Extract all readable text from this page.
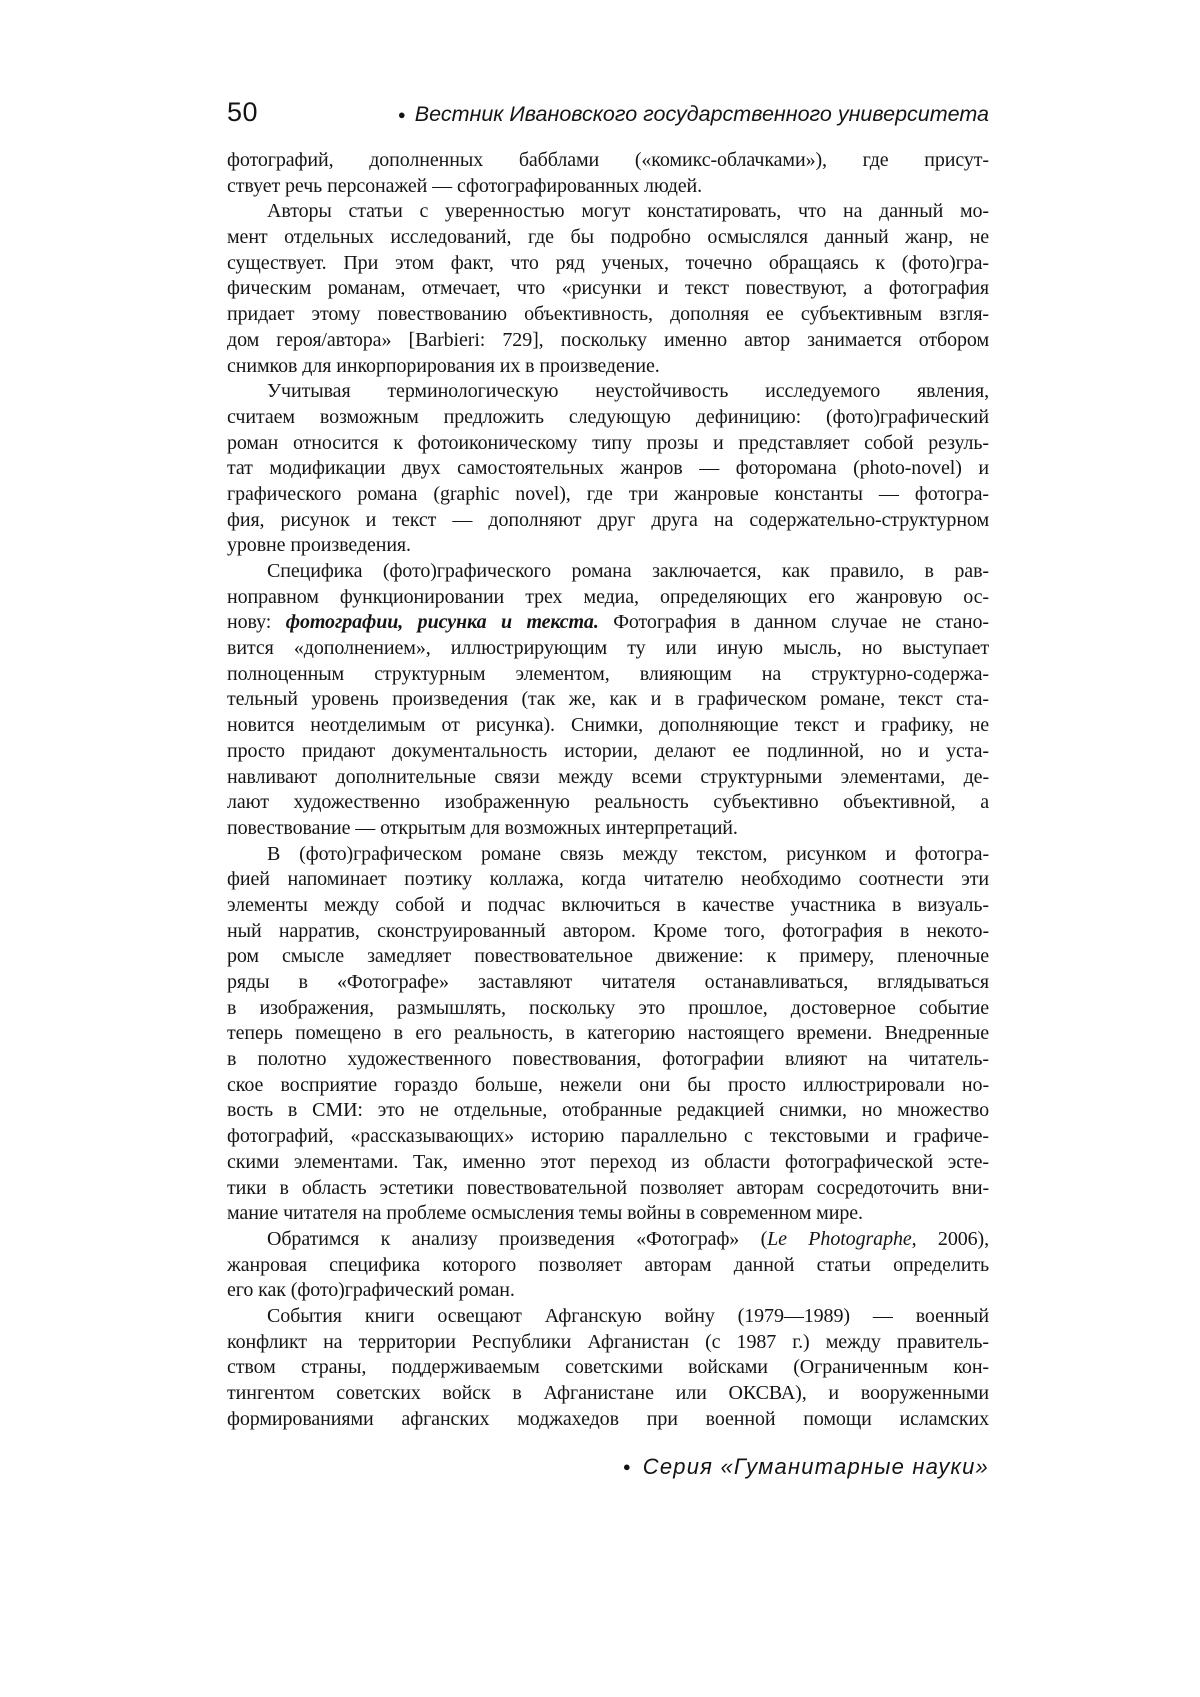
50	● Вестник Ивановского государственного университета
фотографий, дополненных бабблами («комикс-облачками»), где присут-
ствует речь персонажей — сфотографированных людей.
Авторы статьи с уверенностью могут констатировать, что на данный мо-
мент отдельных исследований, где бы подробно осмыслялся данный жанр, не
существует. При этом факт, что ряд ученых, точечно обращаясь к (фото)гра-
фическим романам, отмечает, что «рисунки и текст повествуют, а фотография
придает этому повествованию объективность, дополняя ее субъективным взгля-
дом героя/автора» [Barbieri: 729], поскольку именно автор занимается отбором
снимков для инкорпорирования их в произведение.
Учитывая терминологическую неустойчивость исследуемого явления,
считаем возможным предложить следующую дефиницию: (фото)графический
роман относится к фотоиконическому типу прозы и представляет собой резуль-
тат модификации двух самостоятельных жанров — фоторомана (photo-novel) и
графического романа (graphic novel), где три жанровые константы — фотогра-
фия, рисунок и текст — дополняют друг друга на содержательно-структурном
уровне произведения.
Специфика (фото)графического романа заключается, как правило, в рав-
ноправном функционировании трех медиа, определяющих его жанровую ос-
нову: фотографии, рисунка и текста. Фотография в данном случае не стано-
вится «дополнением», иллюстрирующим ту или иную мысль, но выступает
полноценным структурным элементом, влияющим на структурно-содержа-
тельный уровень произведения (так же, как и в графическом романе, текст ста-
новится неотделимым от рисунка). Снимки, дополняющие текст и графику, не
просто придают документальность истории, делают ее подлинной, но и уста-
навливают дополнительные связи между всеми структурными элементами, де-
лают художественно изображенную реальность субъективно объективной, а
повествование — открытым для возможных интерпретаций.
В (фото)графическом романе связь между текстом, рисунком и фотогра-
фией напоминает поэтику коллажа, когда читателю необходимо соотнести эти
элементы между собой и подчас включиться в качестве участника в визуаль-
ный нарратив, сконструированный автором. Кроме того, фотография в некото-
ром смысле замедляет повествовательное движение: к примеру, пленочные
ряды в «Фотографе» заставляют читателя останавливаться, вглядываться
в изображения, размышлять, поскольку это прошлое, достоверное событие
теперь помещено в его реальность, в категорию настоящего времени. Внедренные
в полотно художественного повествования, фотографии влияют на читатель-
ское восприятие гораздо больше, нежели они бы просто иллюстрировали но-
вость в СМИ: это не отдельные, отобранные редакцией снимки, но множество
фотографий, «рассказывающих» историю параллельно с текстовыми и графиче-
скими элементами. Так, именно этот переход из области фотографической эсте-
тики в область эстетики повествовательной позволяет авторам сосредоточить вни-
мание читателя на проблеме осмысления темы войны в современном мире.
Обратимся к анализу произведения «Фотограф» (Le Photographe, 2006),
жанровая специфика которого позволяет авторам данной статьи определить
его как (фото)графический роман.
События книги освещают Афганскую войну (1979—1989) — военный
конфликт на территории Республики Афганистан (с 1987 г.) между правитель-
ством страны, поддерживаемым советскими войсками (Ограниченным кон-
тингентом советских войск в Афганистане или ОКСВА), и вооруженными
формированиями афганских моджахедов при военной помощи исламских
● Серия «Гуманитарные науки»
